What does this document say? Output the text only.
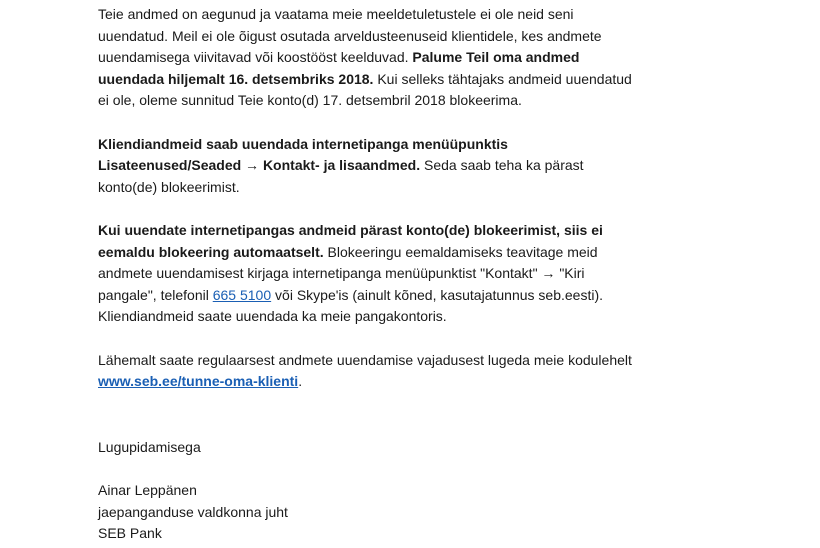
Teie andmed on aegunud ja vaatama meie meeldetuletustele ei ole neid seni
uuendatud. Meil ei ole õigust osutada arveldusteenuseid klientidele, kes andmete
uuendamisega viivitavad või koostööst keelduvad. Palume Teil oma andmed
uuendada hiljemalt 16. detsembriks 2018. Kui selleks tähtajaks andmeid uuendatud
ei ole, oleme sunnitud Teie konto(d) 17. detsembril 2018 blokeerima.
Kliendiandmeid saab uuendada internetipanga menüüpunktis
Lisateenused/Seaded → Kontakt- ja lisaandmed. Seda saab teha ka pärast
konto(de) blokeerimist.
Kui uuendate internetipangas andmeid pärast konto(de) blokeerimist, siis ei
eemaldu blokeering automaatselt. Blokeeringu eemaldamiseks teavitage meid
andmete uuendamisest kirjaga internetipanga menüüpunktist "Kontakt" → "Kiri
pangale", telefonil 665 5100 või Skype'is (ainult kõned, kasutajatunnus seb.eesti).
Kliendiandmeid saate uuendada ka meie pangakontoris.
Lähemalt saate regulaarsest andmete uuendamise vajadusest lugeda meie kodulehelt
www.seb.ee/tunne-oma-klienti.
Lugupidamisega
Ainar Leppänen
jaepanganduse valdkonna juht
SEB Pank
